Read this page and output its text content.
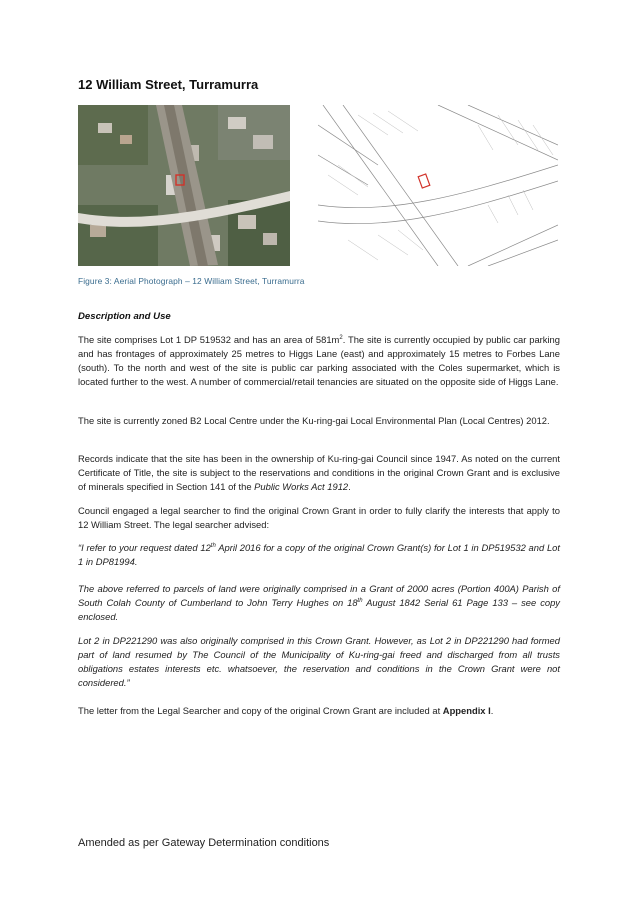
12 William Street, Turramurra
Figure 3: Aerial Photograph – 12 William Street, Turramurra
Description and Use
The site comprises Lot 1 DP 519532 and has an area of $581m^2$. The site is currently occupied by public car parking and has frontages of approximately 25 metres to Higgs Lane (east) and approximately 15 metres to Forbes Lane (south). To the north and west of the site is public car parking associated with the Coles supermarket, which is located further to the west. A number of commercial/retail tenancies are situated on the opposite side of Higgs Lane.
The site is currently zoned B2 Local Centre under the Ku-ring-gai Local Environmental Plan (Local Centres) 2012.
Records indicate that the site has been in the ownership of Ku-ring-gai Council since 1947. As noted on the current Certificate of Title, the site is subject to the reservations and conditions in the original Crown Grant and is exclusive of minerals specified in Section 141 of the Public Works Act 1912.
Council engaged a legal searcher to find the original Crown Grant in order to fully clarify the interests that apply to 12 William Street. The legal searcher advised:
“I refer to your request dated 12th April 2016 for a copy of the original Crown Grant(s) for Lot 1 in DP519532 and Lot 1 in DP81994.
The above referred to parcels of land were originally comprised in a Grant of 2000 acres (Portion 400A) Parish of South Colah County of Cumberland to John Terry Hughes on 18th August 1842 Serial 61 Page 133 – see copy enclosed.
Lot 2 in DP221290 was also originally comprised in this Crown Grant. However, as Lot 2 in DP221290 had formed part of land resumed by The Council of the Municipality of Ku-ring-gai freed and discharged from all trusts obligations estates interests etc. whatsoever, the reservation and conditions in the Crown Grant were not considered.”
The letter from the Legal Searcher and copy of the original Crown Grant are included at Appendix I.
Amended as per Gateway Determination conditions
